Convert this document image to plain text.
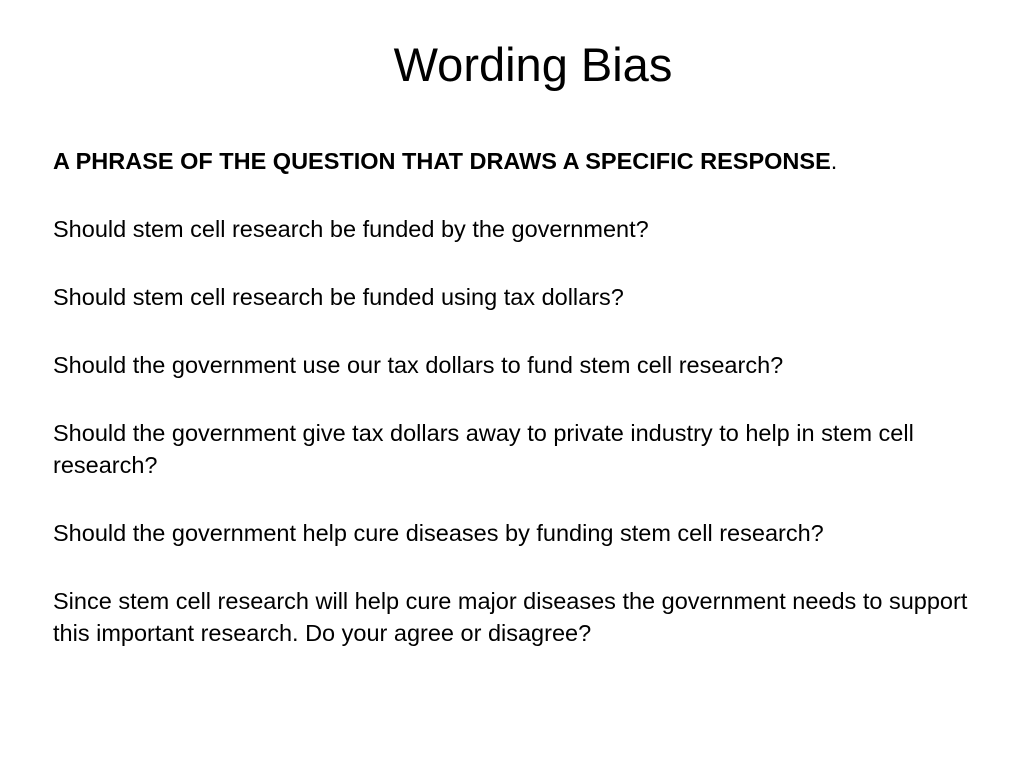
Wording Bias

A PHRASE OF THE QUESTION THAT DRAWS A SPECIFIC RESPONSE.

Should stem cell research be funded by the government?

Should stem cell research be funded using tax dollars?

Should the government use our tax dollars to fund stem cell research?

Should the government give tax dollars away to private industry to help in stem cell research?

Should the government help cure diseases by funding stem cell research?

Since stem cell research will help cure major diseases the government needs to support this important research. Do your agree or disagree?
